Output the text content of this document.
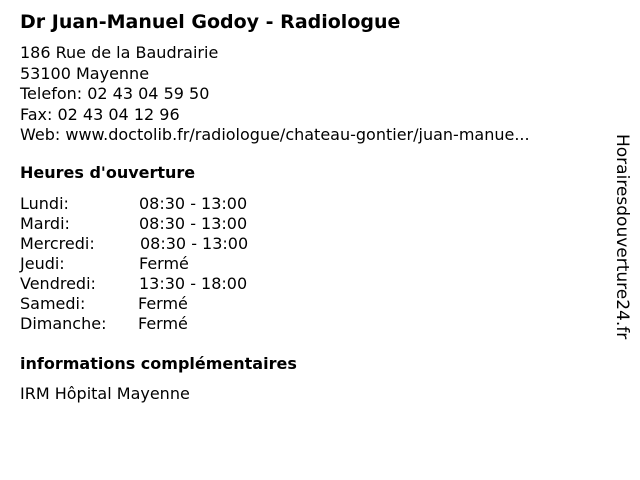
Dr Juan-Manuel Godoy - Radiologue
186 Rue de la Baudrairie
53100 Mayenne
Telefon: 02 43 04 59 50
Fax: 02 43 04 12 96
Web: www.doctolib.fr/radiologue/chateau-gontier/juan-manue...
Heures d'ouverture
Lundi:	08:30 - 13:00
Mardi:	08:30 - 13:00
Mercredi:	08:30 - 13:00
Jeudi:	Fermé
Vendredi:	13:30 - 18:00
Samedi:	Fermé
Dimanche: Fermé
informations complémentaires
IRM Hôpital Mayenne
Horairesdouverture24.fr
